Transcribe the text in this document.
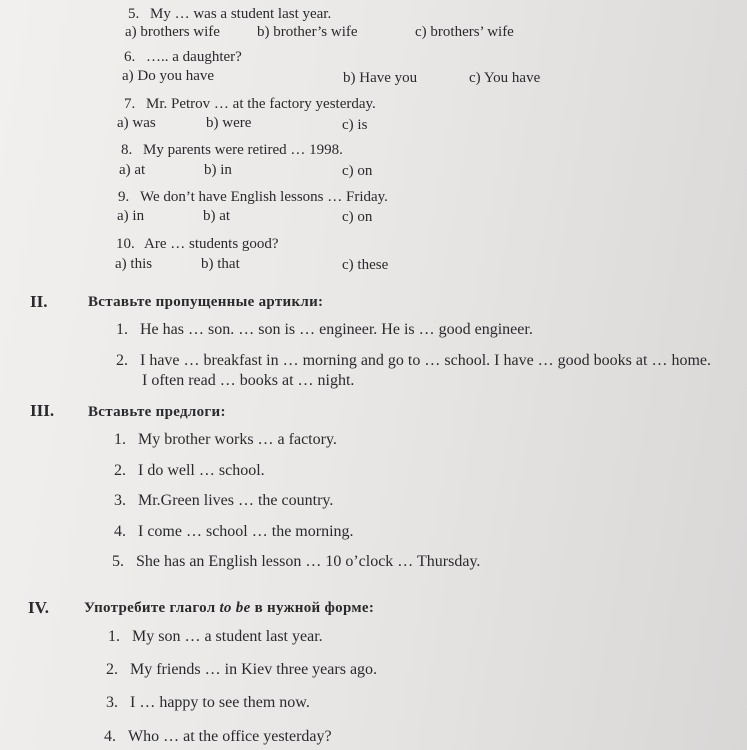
5. My … was a student last year.
a) brothers wife b) brother’s wife	c) brothers’ wife
6. ….. a daughter?
a) Do you have	b) Have you	c) You have
7. Mr. Petrov … at the factory yesterday.
a) was	b) were	c) is
8. My parents were retired … 1998.
a) at	b) in	c) on
9. We don’t have English lessons … Friday.
a) in	b) at	c) on
10. Are … students good?
a) this	b) that	c) these
II.	Вставьте пропущенные артикли:
1. He has … son. … son is … engineer. He is … good engineer.
2. I have … breakfast in … morning and go to … school. I have … good books at … home.
I often read … books at … night.
III. Вставьте предлоги:
1. My brother works … a factory.
2. I do well … school.
3. Mr.Green lives … the country.
4. I come … school … the morning.
5. She has an English lesson … 10 o’clock … Thursday.
IV. Употребите глагол to be в нужной форме:
1. My son … a student last year.
2. My friends … in Kiev three years ago.
3. I … happy to see them now.
4. Who … at the office yesterday?
